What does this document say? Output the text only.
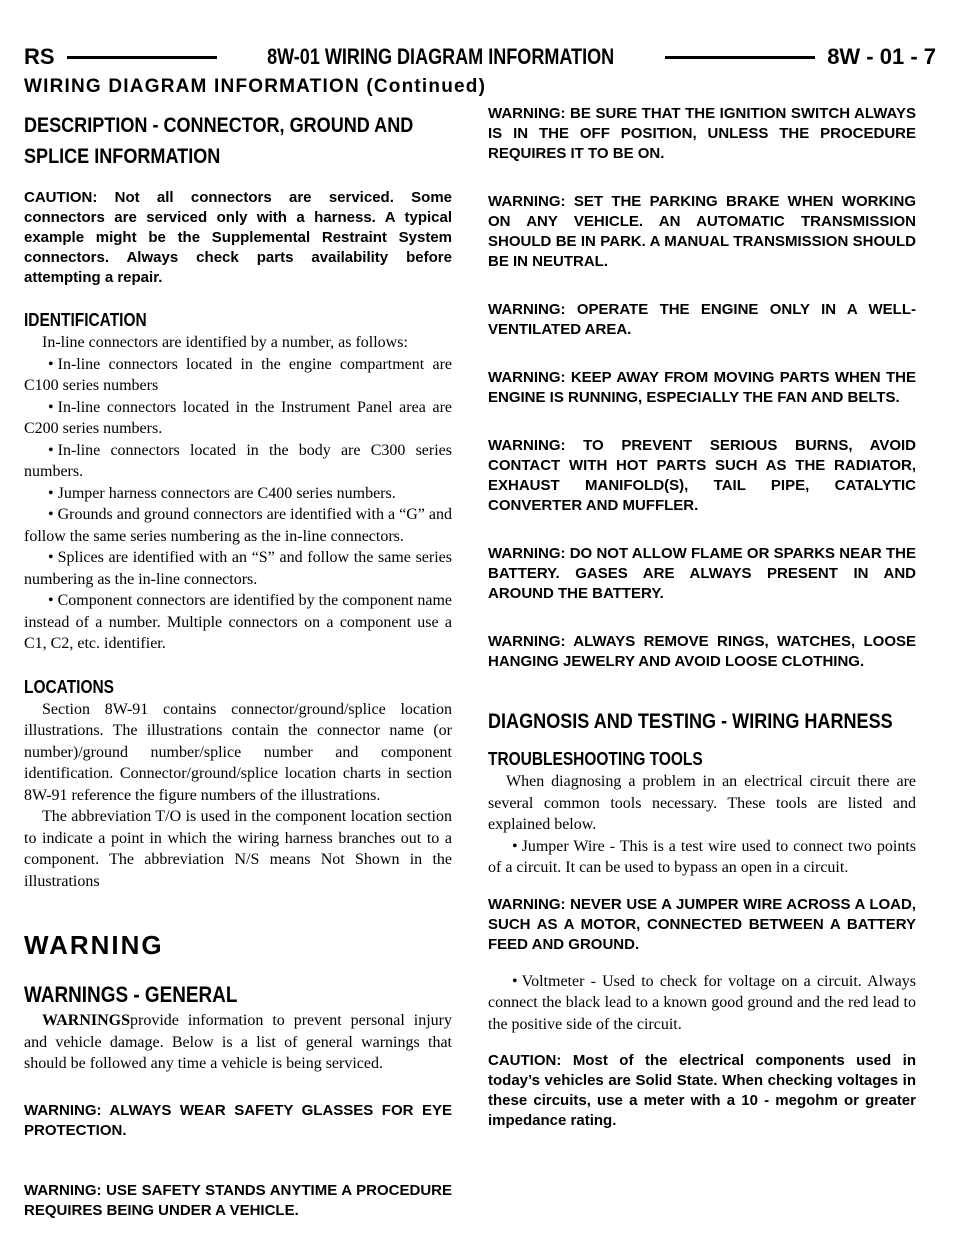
RS	8W-01 WIRING DIAGRAM INFORMATION	8W - 01 - 7
WIRING DIAGRAM INFORMATION (Continued)
DESCRIPTION - CONNECTOR, GROUND AND
SPLICE INFORMATION

CAUTION: Not all connectors are serviced. Some connectors are serviced only with a harness. A typical example might be the Supplemental Restraint System connectors. Always check parts availability before attempting a repair.

IDENTIFICATION

In-line connectors are identified by a number, as follows:

• In-line connectors located in the engine compartment are C100 series numbers

• In-line connectors located in the Instrument Panel area are C200 series numbers.

• In-line connectors located in the body are C300 series numbers.

• Jumper harness connectors are C400 series numbers.

• Grounds and ground connectors are identified with a “G” and follow the same series numbering as the in-line connectors.

• Splices are identified with an “S” and follow the same series numbering as the in-line connectors.

• Component connectors are identified by the component name instead of a number. Multiple connectors on a component use a C1, C2, etc. identifier.

LOCATIONS

Section 8W-91 contains connector/ground/splice location illustrations. The illustrations contain the connector name (or number)/ground number/splice number and component identification. Connector/ground/splice location charts in section 8W-91 reference the figure numbers of the illustrations.

The abbreviation T/O is used in the component location section to indicate a point in which the wiring harness branches out to a component. The abbreviation N/S means Not Shown in the illustrations

WARNING
WARNINGS - GENERAL

WARNINGSprovide information to prevent personal injury and vehicle damage. Below is a list of general warnings that should be followed any time a vehicle is being serviced.

WARNING: ALWAYS WEAR SAFETY GLASSES FOR EYE PROTECTION.

WARNING: USE SAFETY STANDS ANYTIME A PROCEDURE REQUIRES BEING UNDER A VEHICLE.

WARNING: BE SURE THAT THE IGNITION SWITCH ALWAYS IS IN THE OFF POSITION, UNLESS THE PROCEDURE REQUIRES IT TO BE ON.

WARNING: SET THE PARKING BRAKE WHEN WORKING ON ANY VEHICLE. AN AUTOMATIC TRANSMISSION SHOULD BE IN PARK. A MANUAL TRANSMISSION SHOULD BE IN NEUTRAL.

WARNING: OPERATE THE ENGINE ONLY IN A WELL-VENTILATED AREA.

WARNING: KEEP AWAY FROM MOVING PARTS WHEN THE ENGINE IS RUNNING, ESPECIALLY THE FAN AND BELTS.

WARNING: TO PREVENT SERIOUS BURNS, AVOID CONTACT WITH HOT PARTS SUCH AS THE RADIATOR, EXHAUST MANIFOLD(S), TAIL PIPE, CATALYTIC CONVERTER AND MUFFLER.

WARNING: DO NOT ALLOW FLAME OR SPARKS NEAR THE BATTERY. GASES ARE ALWAYS PRESENT IN AND AROUND THE BATTERY.

WARNING: ALWAYS REMOVE RINGS, WATCHES, LOOSE HANGING JEWELRY AND AVOID LOOSE CLOTHING.

DIAGNOSIS AND TESTING - WIRING HARNESS
TROUBLESHOOTING TOOLS

When diagnosing a problem in an electrical circuit there are several common tools necessary. These tools are listed and explained below.

• Jumper Wire - This is a test wire used to connect two points of a circuit. It can be used to bypass an open in a circuit.

WARNING: NEVER USE A JUMPER WIRE ACROSS A LOAD, SUCH AS A MOTOR, CONNECTED BETWEEN A BATTERY FEED AND GROUND.

• Voltmeter - Used to check for voltage on a circuit. Always connect the black lead to a known good ground and the red lead to the positive side of the circuit.

CAUTION: Most of the electrical components used in today’s vehicles are Solid State. When checking voltages in these circuits, use a meter with a 10 - megohm or greater impedance rating.
